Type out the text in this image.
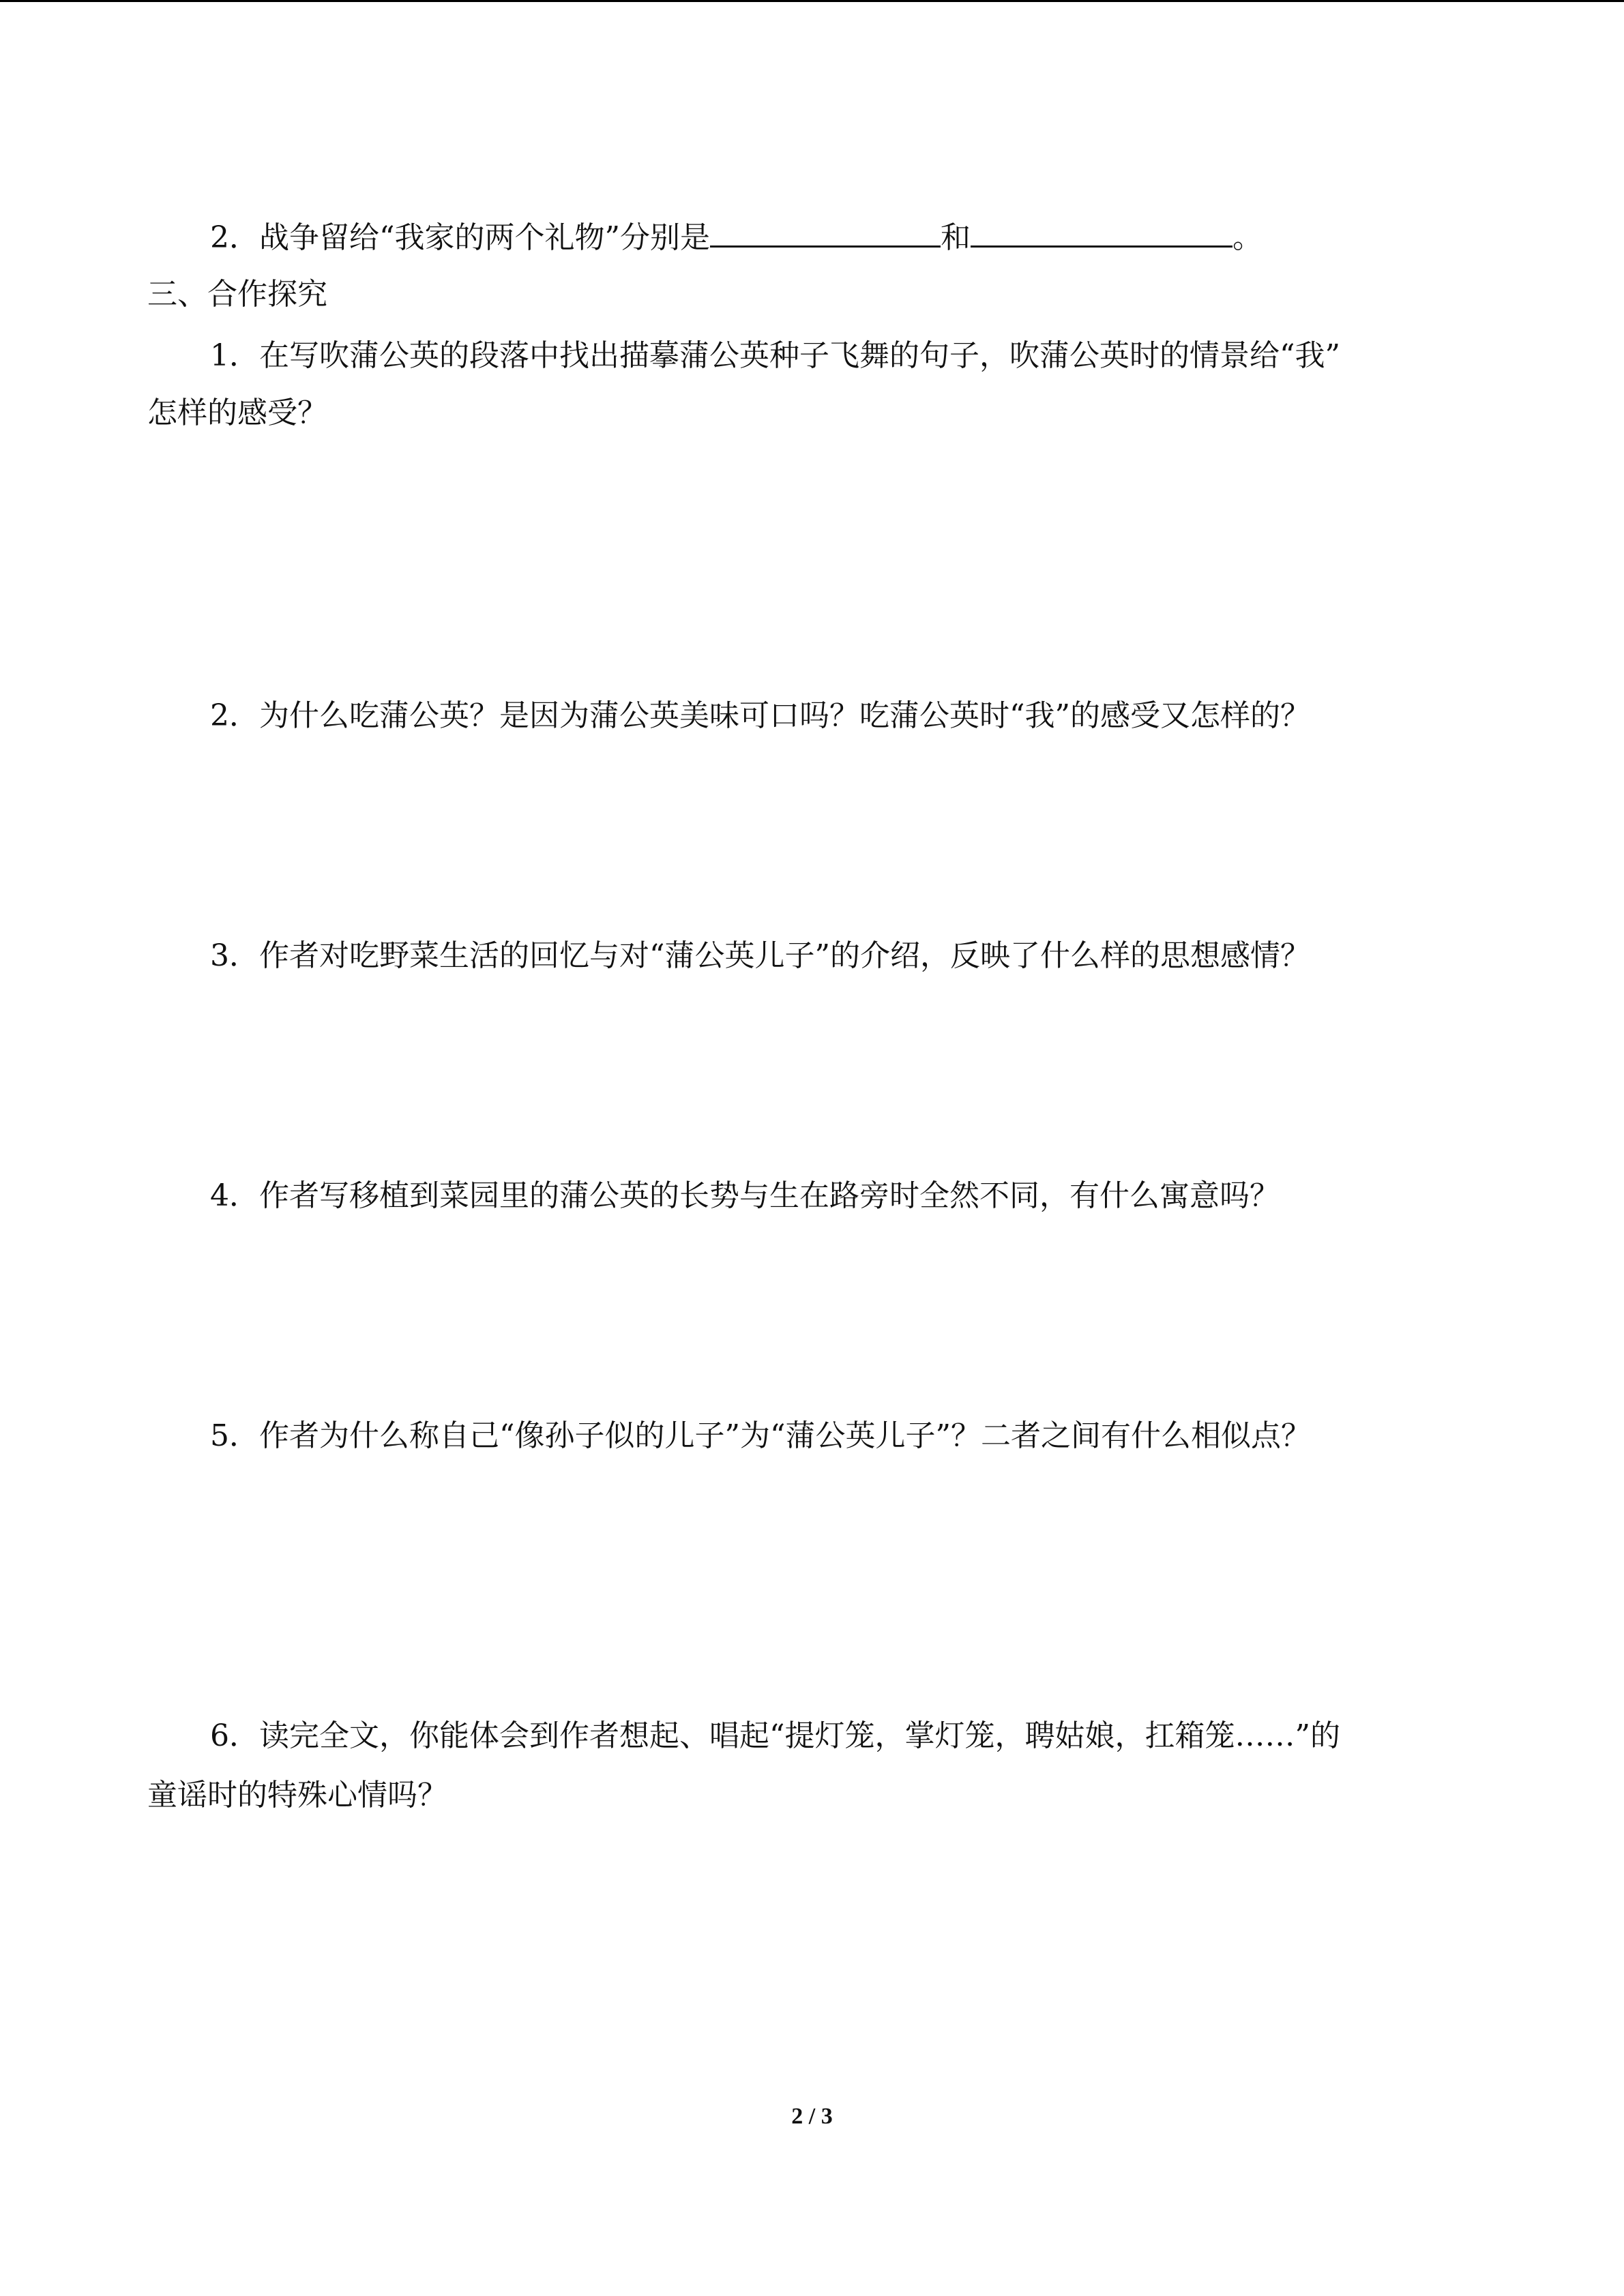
2．战争留给“我家的两个礼物”分别是	和	。
三、合作探究
1．在写吹蒲公英的段落中找出描摹蒲公英种子飞舞的句子，吹蒲公英时的情景给“我”
怎样的感受？
2．为什么吃蒲公英？是因为蒲公英美味可口吗？吃蒲公英时“我”的感受又怎样的？
3．作者对吃野菜生活的回忆与对“蒲公英儿子”的介绍，反映了什么样的思想感情？
4．作者写移植到菜园里的蒲公英的长势与生在路旁时全然不同，有什么寓意吗？
5．作者为什么称自己“像孙子似的儿子”为“蒲公英儿子”？二者之间有什么相似点？
6．读完全文，你能体会到作者想起、唱起“提灯笼，掌灯笼，聘姑娘，扛箱笼……”的
童谣时的特殊心情吗？
2 / 3
